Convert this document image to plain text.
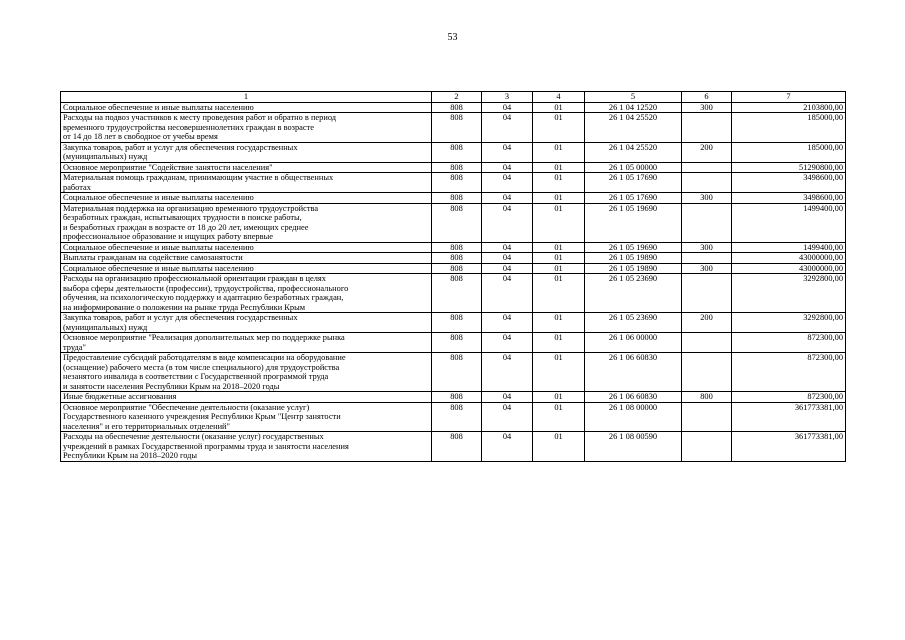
53
1	2	3	4	5	6	7

Социальное обеспечение и иные выплаты населению	808	04	01	26 1 04 12520	300	2103800,00

Расходы на подвоз участников к месту проведения работ и обратно в период
временного трудоустройства несовершеннолетних граждан в возрасте
от 14 до 18 лет в свободное от учебы время	808	04	01	26 1 04 25520		185000,00

Закупка товаров, работ и услуг для обеспечения государственных
(муниципальных) нужд	808	04	01	26 1 04 25520	200	185000,00

Основное мероприятие "Содействие занятости населения"	808	04	01	26 1 05 00000		51290800,00

Материальная помощь гражданам, принимающим участие в общественных
работах	808	04	01	26 1 05 17690		3498600,00

Социальное обеспечение и иные выплаты населению	808	04	01	26 1 05 17690	300	3498600,00

Материальная поддержка на организацию временного трудоустройства
безработных граждан, испытывающих трудности в поиске работы,
и безработных граждан в возрасте от 18 до 20 лет, имеющих среднее
профессиональное образование и ищущих работу впервые	808	04	01	26 1 05 19690		1499400,00

Социальное обеспечение и иные выплаты населению	808	04	01	26 1 05 19690	300	1499400,00

Выплаты гражданам на содействие самозанятости	808	04	01	26 1 05 19890		43000000,00

Социальное обеспечение и иные выплаты населению	808	04	01	26 1 05 19890	300	43000000,00

Расходы на организацию профессиональной ориентации граждан в целях
выбора сферы деятельности (профессии), трудоустройства, профессионального
обучения, на психологическую поддержку и адаптацию безработных граждан,
на информирование о положении на рынке труда Республики Крым	808	04	01	26 1 05 23690		3292800,00

Закупка товаров, работ и услуг для обеспечения государственных
(муниципальных) нужд	808	04	01	26 1 05 23690	200	3292800,00

Основное мероприятие "Реализация дополнительных мер по поддержке рынка
труда"	808	04	01	26 1 06 00000		872300,00

Предоставление субсидий работодателям в виде компенсации на оборудование
(оснащение) рабочего места (в том числе специального) для трудоустройства
незанятого инвалида в соответствии с Государственной программой труда
и занятости населения Республики Крым на 2018–2020 годы	808	04	01	26 1 06 60830		872300,00

Иные бюджетные ассигнования	808	04	01	26 1 06 60830	800	872300,00

Основное мероприятие "Обеспечение деятельности (оказание услуг)
Государственного казенного учреждения Республики Крым "Центр занятости
населения" и его территориальных отделений"	808	04	01	26 1 08 00000		361773381,00

Расходы на обеспечение деятельности (оказание услуг) государственных
учреждений в рамках Государственной программы труда и занятости населения
Республики Крым на 2018–2020 годы	808	04	01	26 1 08 00590		361773381,00
